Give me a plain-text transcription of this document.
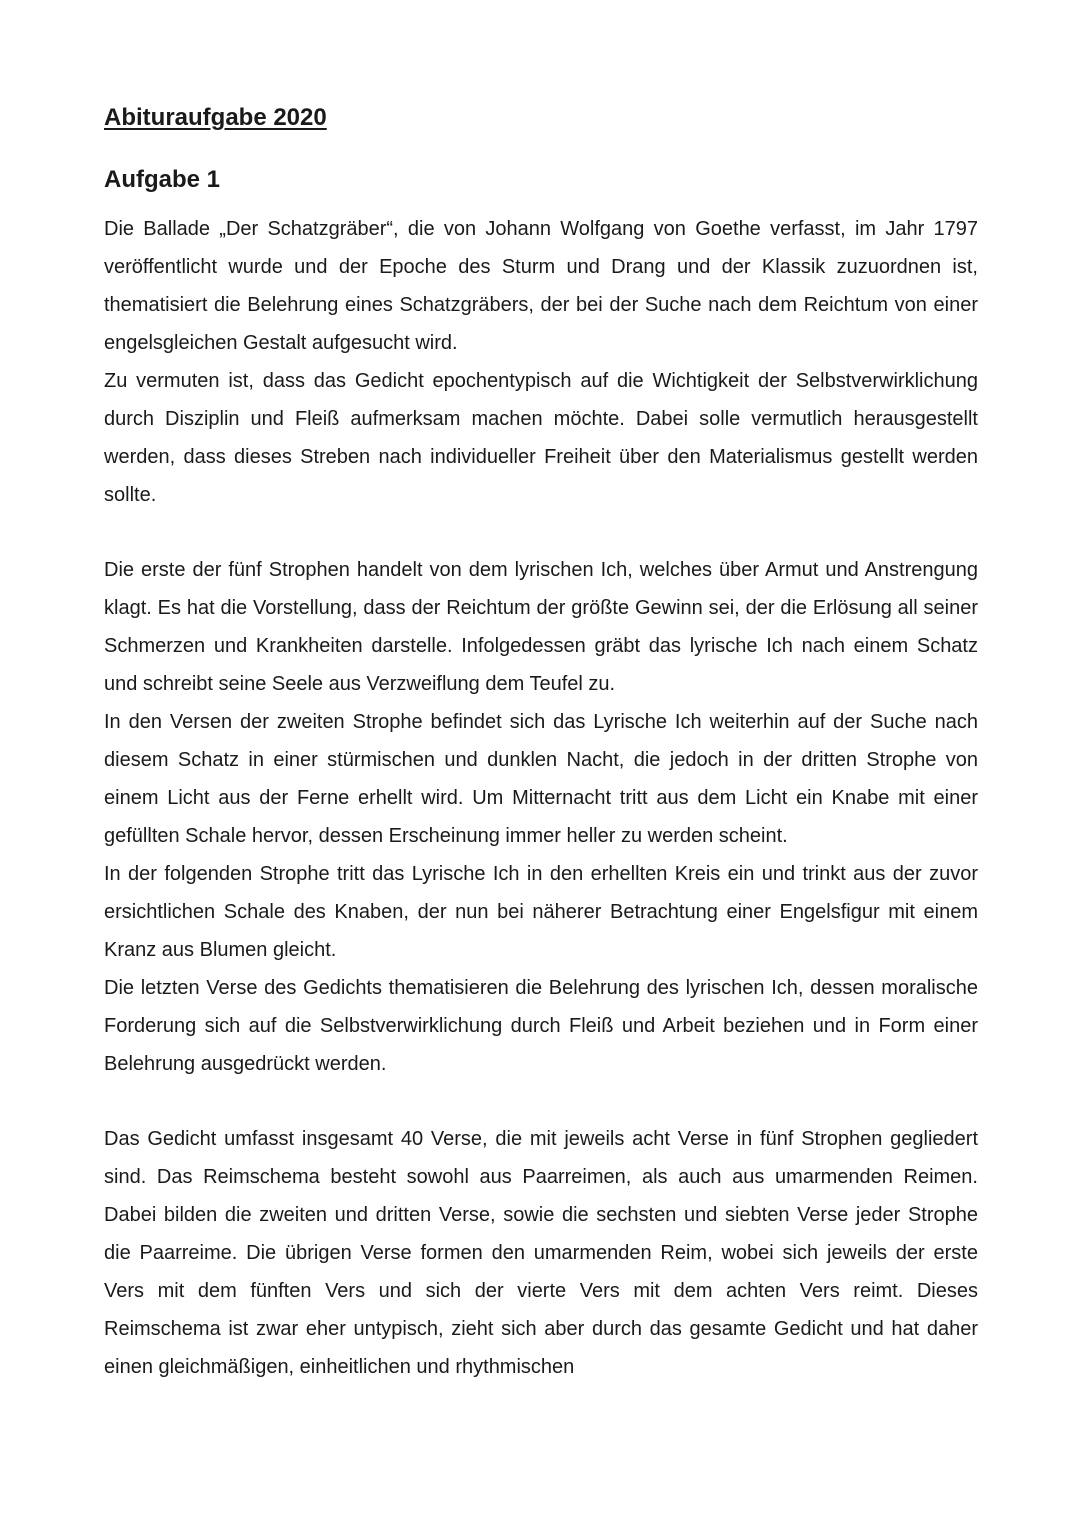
Abituraufgabe 2020
Aufgabe 1

Die Ballade „Der Schatzgräber“, die von Johann Wolfgang von Goethe verfasst, im Jahr 1797 veröffentlicht wurde und der Epoche des Sturm und Drang und der Klassik zuzuordnen ist, thematisiert die Belehrung eines Schatzgräbers, der bei der Suche nach dem Reichtum von einer engelsgleichen Gestalt aufgesucht wird.

Zu vermuten ist, dass das Gedicht epochentypisch auf die Wichtigkeit der Selbstverwirklichung durch Disziplin und Fleiß aufmerksam machen möchte. Dabei solle vermutlich herausgestellt werden, dass dieses Streben nach individueller Freiheit über den Materialismus gestellt werden sollte.

Die erste der fünf Strophen handelt von dem lyrischen Ich, welches über Armut und Anstrengung klagt. Es hat die Vorstellung, dass der Reichtum der größte Gewinn sei, der die Erlösung all seiner Schmerzen und Krankheiten darstelle. Infolgedessen gräbt das lyrische Ich nach einem Schatz und schreibt seine Seele aus Verzweiflung dem Teufel zu.

In den Versen der zweiten Strophe befindet sich das Lyrische Ich weiterhin auf der Suche nach diesem Schatz in einer stürmischen und dunklen Nacht, die jedoch in der dritten Strophe von einem Licht aus der Ferne erhellt wird. Um Mitternacht tritt aus dem Licht ein Knabe mit einer gefüllten Schale hervor, dessen Erscheinung immer heller zu werden scheint.

In der folgenden Strophe tritt das Lyrische Ich in den erhellten Kreis ein und trinkt aus der zuvor ersichtlichen Schale des Knaben, der nun bei näherer Betrachtung einer Engelsfigur mit einem Kranz aus Blumen gleicht.

Die letzten Verse des Gedichts thematisieren die Belehrung des lyrischen Ich, dessen moralische Forderung sich auf die Selbstverwirklichung durch Fleiß und Arbeit beziehen und in Form einer Belehrung ausgedrückt werden.

Das Gedicht umfasst insgesamt 40 Verse, die mit jeweils acht Verse in fünf Strophen gegliedert sind. Das Reimschema besteht sowohl aus Paarreimen, als auch aus umarmenden Reimen. Dabei bilden die zweiten und dritten Verse, sowie die sechsten und siebten Verse jeder Strophe die Paarreime. Die übrigen Verse formen den umarmenden Reim, wobei sich jeweils der erste Vers mit dem fünften Vers und sich der vierte Vers mit dem achten Vers reimt. Dieses Reimschema ist zwar eher untypisch, zieht sich aber durch das gesamte Gedicht und hat daher einen gleichmäßigen, einheitlichen und rhythmischen
